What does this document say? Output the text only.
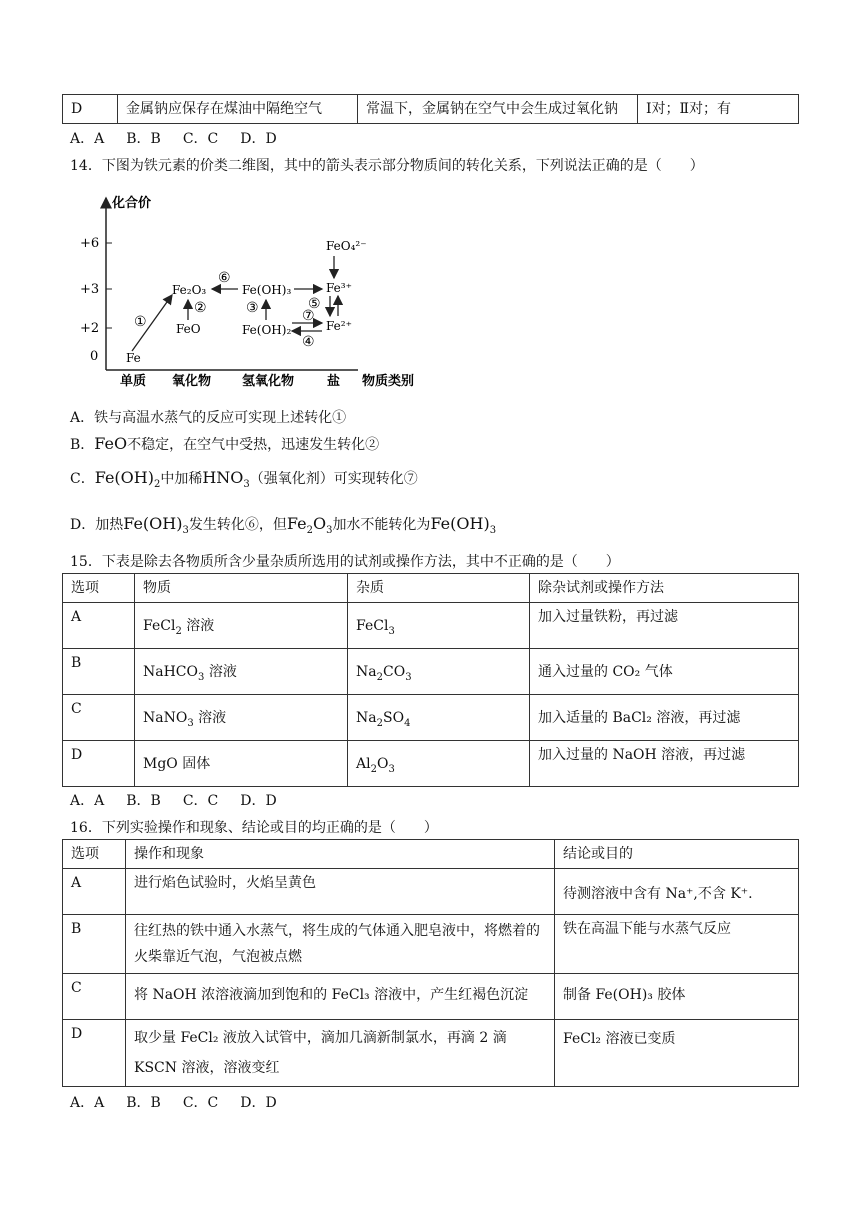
D	金属钠应保存在煤油中隔绝空气	常温下，金属钠在空气中会生成过氧化钠	Ⅰ对；Ⅱ对；有
A．A B．B C．C D．D
14．下图为铁元素的价类二维图，其中的箭头表示部分物质间的转化关系，下列说法正确的是（　　）
化合价
+6
+3
+2
0
单质 氧化物 氢氧化物	盐 物质类别
Fe
FeO
Fe₂O₃	Fe(OH)₃
Fe(OH)₂
Fe³⁺
Fe²⁺
FeO₄²⁻
①
②	③
④
⑤
⑥
⑦
A．铁与高温水蒸气的反应可实现上述转化①
B．FeO不稳定，在空气中受热，迅速发生转化②
C．$Fe(OH)_2$中加稀$HNO_3$（强氧化剂）可实现转化⑦
D．加热$Fe(OH)_3$发生转化⑥，但$Fe_2O_3$加水不能转化为$Fe(OH)_3$
15．下表是除去各物质所含少量杂质所选用的试剂或操作方法，其中不正确的是（　　）
选项	物质	杂质	除杂试剂或操作方法
A	FeCl$_2$ 溶液	FeCl$_3$	加入过量铁粉，再过滤
B	NaHCO$_3$ 溶液	$Na_2CO_3$	通入过量的 CO₂ 气体
C	NaNO$_3$ 溶液	$Na_2SO_4$	加入适量的 BaCl₂ 溶液，再过滤
D	MgO 固体	$Al_2O_3$	加入过量的 NaOH 溶液，再过滤
A．A B．B C．C D．D
16．下列实验操作和现象、结论或目的均正确的是（　　）
选项	操作和现象	结论或目的
A	进行焰色试验时，火焰呈黄色	待测溶液中含有 Na⁺,不含 K⁺.
B	往红热的铁中通入水蒸气，将生成的气体通入肥皂液中，将燃着的火柴靠近气泡，气泡被点燃	铁在高温下能与水蒸气反应
C	将 NaOH 浓溶液滴加到饱和的 FeCl₃ 溶液中，产生红褐色沉淀	制备 Fe(OH)₃ 胶体
D	取少量 FeCl₂ 液放入试管中，滴加几滴新制氯水，再滴 2 滴 KSCN 溶液，溶液变红	FeCl₂ 溶液已变质
A．A B．B C．C D．D
